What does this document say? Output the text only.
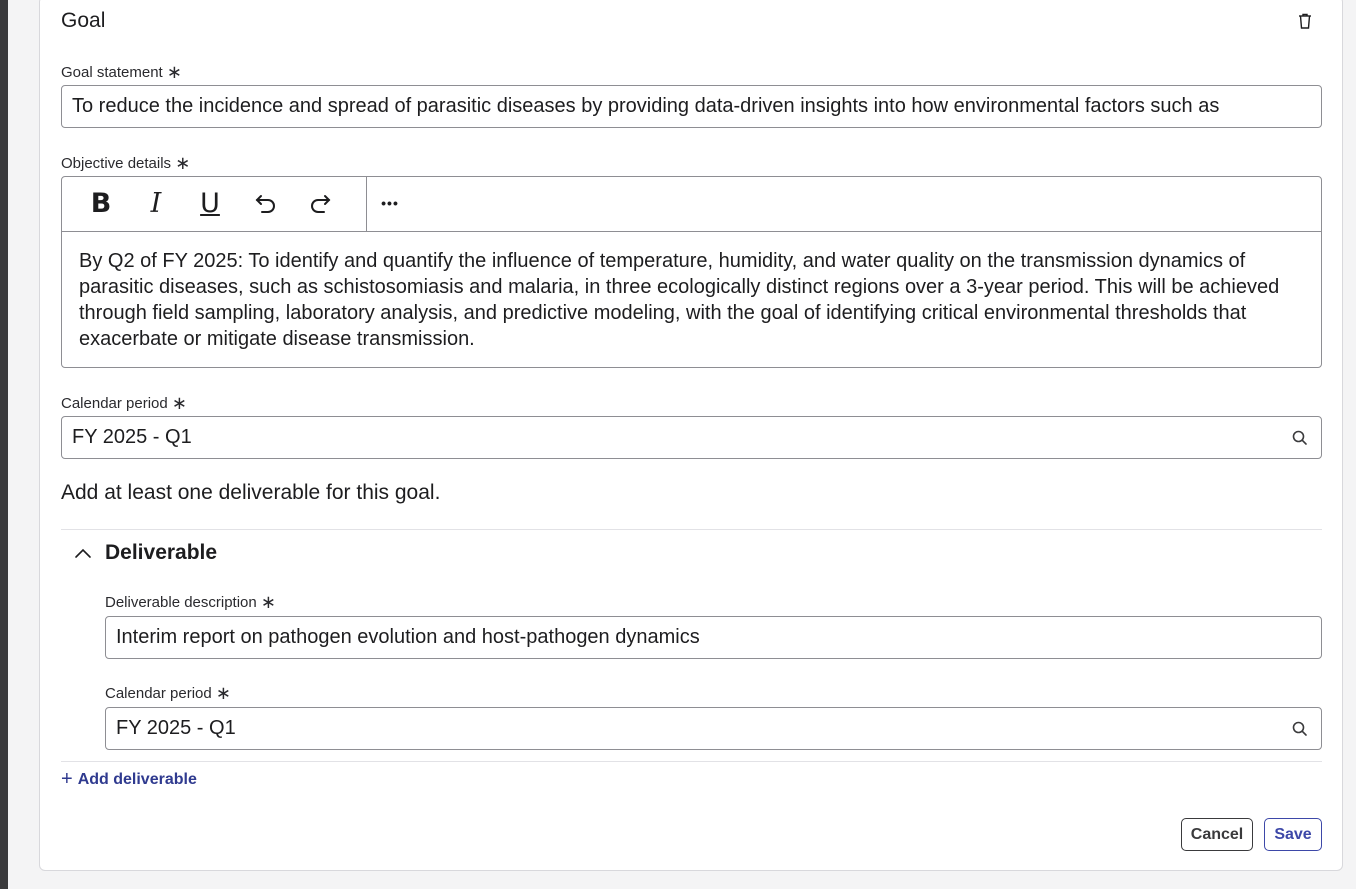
Goal
Goal statement ∗
To reduce the incidence and spread of parasitic diseases by providing data-driven insights into how environmental factors such as
Objective details ∗
B	I	U	•••
By Q2 of FY 2025: To identify and quantify the influence of temperature, humidity, and water quality on the transmission dynamics of parasitic diseases, such as schistosomiasis and malaria, in three ecologically distinct regions over a 3-year period. This will be achieved through field sampling, laboratory analysis, and predictive modeling, with the goal of identifying critical environmental thresholds that exacerbate or mitigate disease transmission.
Calendar period ∗
FY 2025 - Q1
Add at least one deliverable for this goal.
Deliverable
Deliverable description ∗
Interim report on pathogen evolution and host-pathogen dynamics
Calendar period ∗
FY 2025 - Q1
+ Add deliverable
Cancel	Save
